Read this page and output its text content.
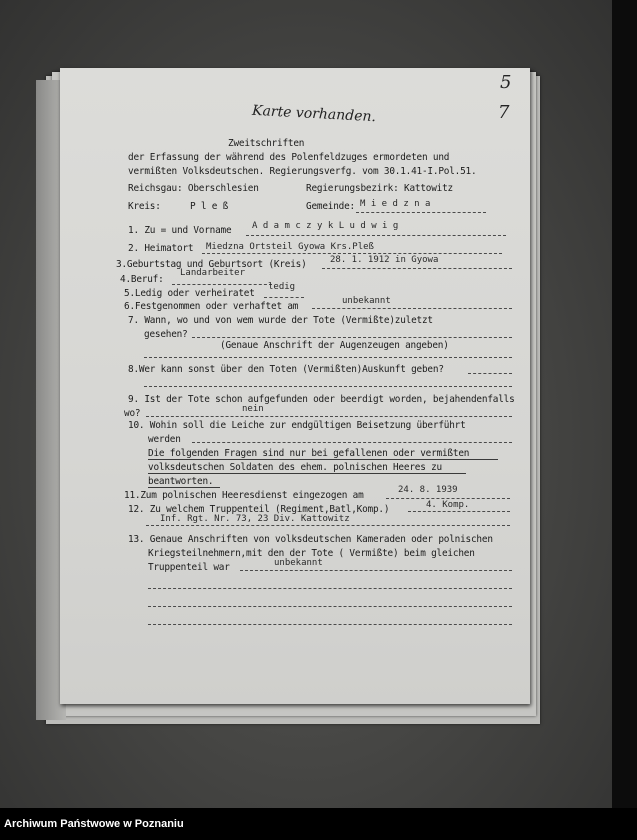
Karte vorhanden.
5
7
Zweitschriften
der Erfassung der während des Polenfeldzuges ermordeten und
vermißten Volksdeutschen. Regierungsverfg. vom 30.1.41-I.Pol.51.
Reichsgau: Oberschlesien	Regierungsbezirk: Kattowitz
Kreis:	P l e ß	Gemeinde: M i e d z n a
1. Zu = und Vorname A d a m c z y k L u d w i g
2. Heimatort Miedzna Ortsteil Gyowa Krs.Pleß
3.Geburtstag und Geburtsort (Kreis)	28. 1. 1912 in Gyowa
4.Beruf:
Landarbeiter
5.Ledig oder verheiratet
ledig
6.Festgenommen oder verhaftet am	unbekannt
7. Wann, wo und von wem wurde der Tote (Vermißte)zuletzt
gesehen?
(Genaue Anschrift der Augenzeugen angeben)
8.Wer kann sonst über den Toten (Vermißten)Auskunft geben?
9. Ist der Tote schon aufgefunden oder beerdigt worden, bejahendenfalls
wo?	nein
10. Wohin soll die Leiche zur endgültigen Beisetzung überführt
werden
Die folgenden Fragen sind nur bei gefallenen oder vermißten
volksdeutschen Soldaten des ehem. polnischen Heeres zu
beantworten.
11.Zum polnischen Heeresdienst eingezogen am	24. 8. 1939
12. Zu welchem Truppenteil (Regiment,Batl,Komp.)	4. Komp.
Inf. Rgt. Nr. 73, 23 Div. Kattowitz
13. Genaue Anschriften von volksdeutschen Kameraden oder polnischen
Kriegsteilnehmern,mit den der Tote ( Vermißte) beim gleichen
Truppenteil war	unbekannt
Archiwum Państwowe w Poznaniu
